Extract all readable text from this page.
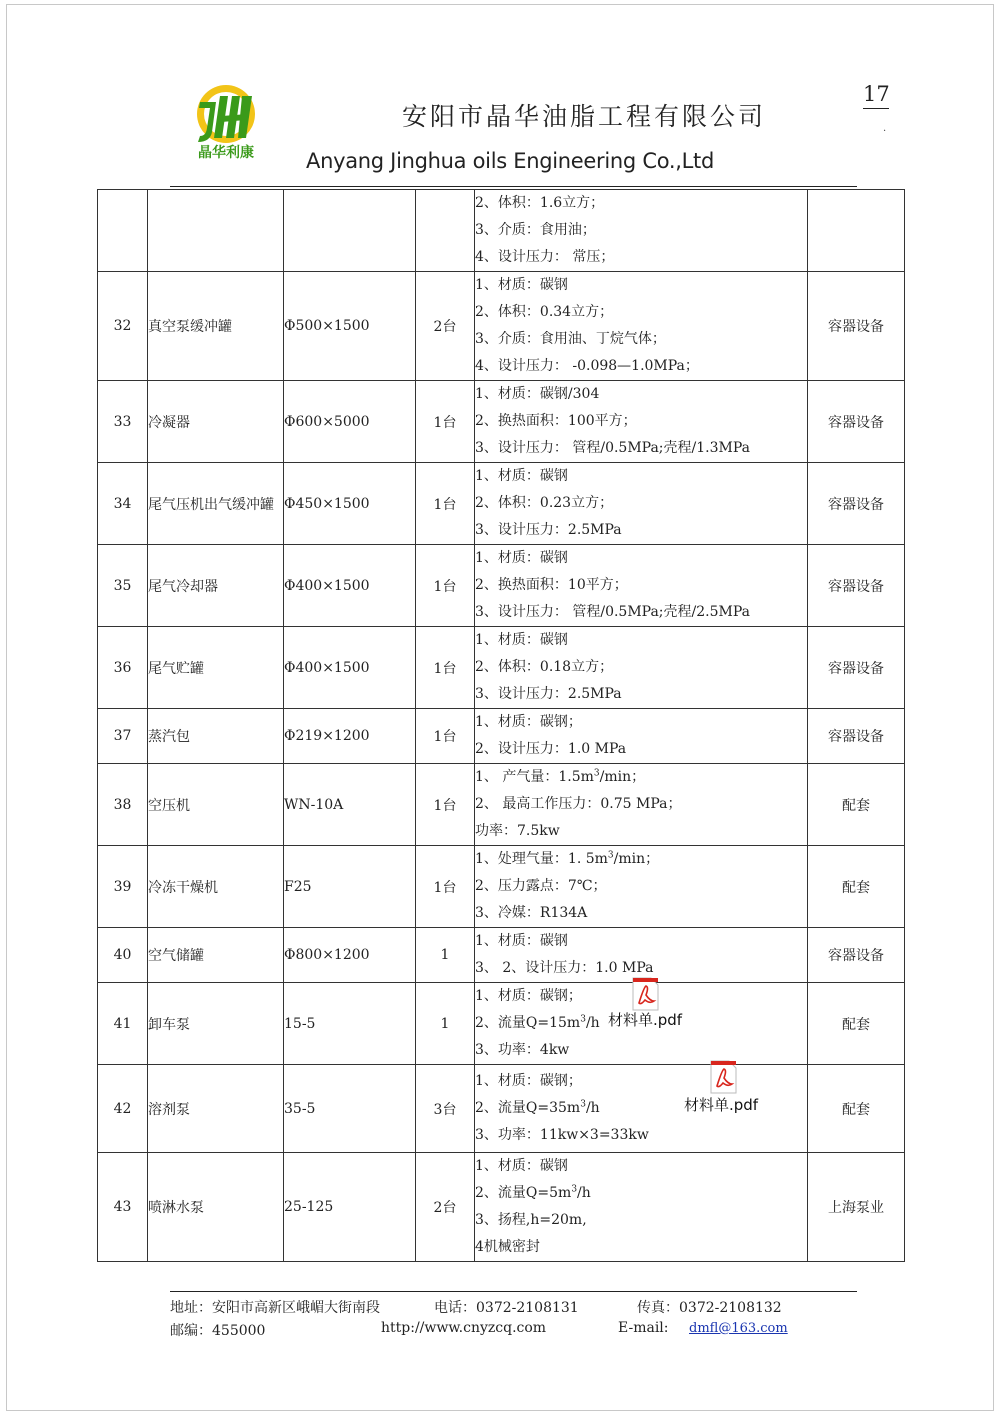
晶华利康
安阳市晶华油脂工程有限公司
Anyang Jinghua oils Engineering Co.,Ltd
17
.

				2、体积：1.6立方；
3、介质：食用油；
4、设计压力： 常压；	

32	真空泵缓冲罐	Φ500×1500	2台	1、材质：碳钢
2、体积：0.34立方；
3、介质：食用油、丁烷气体；
4、设计压力： -0.098—1.0MPa；	容器设备
33	冷凝器	Φ600×5000	1台	1、材质：碳钢/304
2、换热面积：100平方；
3、设计压力： 管程/0.5MPa;壳程/1.3MPa	容器设备
34	尾气压机出气缓冲罐	Φ450×1500	1台	1、材质：碳钢
2、体积：0.23立方；
3、设计压力：2.5MPa	容器设备
35	尾气冷却器	Φ400×1500	1台	1、材质：碳钢
2、换热面积：10平方；
3、设计压力： 管程/0.5MPa;壳程/2.5MPa	容器设备
36	尾气贮罐	Φ400×1500	1台	1、材质：碳钢
2、体积：0.18立方；
3、设计压力：2.5MPa	容器设备
37	蒸汽包	Φ219×1200	1台	1、材质：碳钢；
2、设计压力：1.0 MPa	容器设备
38	空压机	WN-10A	1台	1、 产气量：$1.5m^3/\min$；
2、 最高工作压力：0.75 MPa；
功率：7.5kw	配套
39	冷冻干燥机	F25	1台	1、处理气量：1. $5m^3/\min$；
2、压力露点：7℃；
3、冷媒：R134A	配套
40	空气储罐	Φ800×1200	1	1、材质：碳钢
3、 2、设计压力：1.0 MPa	容器设备
41	卸车泵	15-5	1	1、材质：碳钢；
2、流量$Q=15m^3/h$
3、功率：4kw	配套
42	溶剂泵	35-5	3台	1、材质：碳钢；
2、流量$Q=35m^3/h$
3、功率：11kw×3=33kw	配套
43	喷淋水泵	25-125	2台	1、材质：碳钢
2、流量$Q=5m^3/h$
3、扬程,h=20m,
4机械密封	上海泵业
材料单.pdf
材料单.pdf
地址：安阳市高新区峨嵋大街南段	电话：0372-2108131	传真：0372-2108132
邮编：455000	http://www.cnyzcq.com	E-mail: dmfl@163.com
